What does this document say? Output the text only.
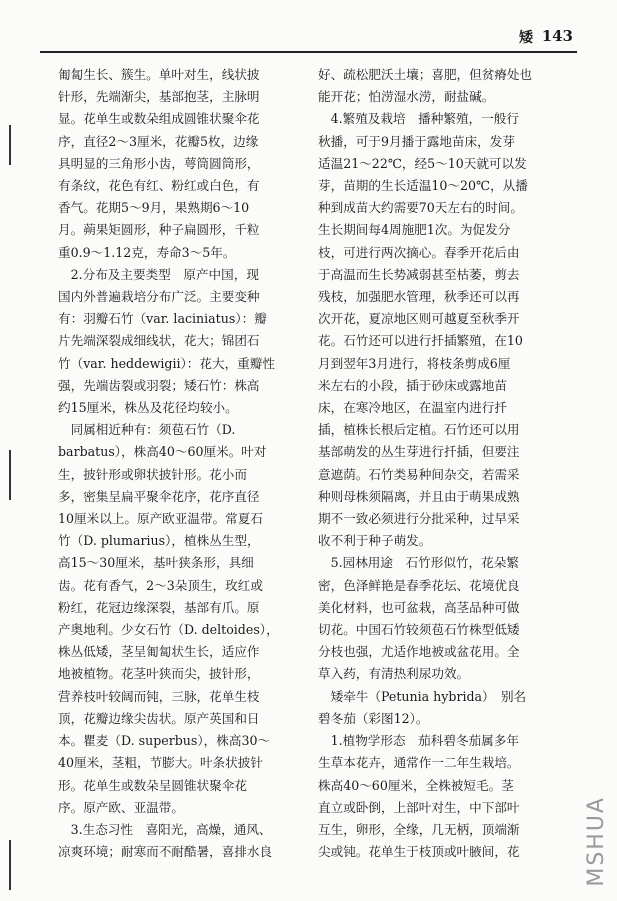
矮 143

匍匐生长、簇生。单叶对生，线状披
针形，先端渐尖，基部抱茎，主脉明
显。花单生或数朵组成圆锥状聚伞花
序，直径2～3厘米，花瓣5枚，边缘
具明显的三角形小齿，萼筒圆筒形，
有条纹，花色有红、粉红或白色，有
香气。花期5～9月，果熟期6～10
月。蒴果矩圆形，种子扁圆形，千粒
重0.9～1.12克，寿命3～5年。

　2.分布及主要类型　原产中国，现
国内外普遍栽培分布广泛。主要变种
有：羽瓣石竹（var. laciniatus）：瓣
片先端深裂成细线状，花大；锦团石
竹（var. heddewigii）：花大，重瓣性
强，先端齿裂或羽裂；矮石竹：株高
约15厘米，株丛及花径均较小。

　同属相近种有：须苞石竹（D.
barbatus），株高40～60厘米。叶对
生，披针形或卵状披针形。花小而
多，密集呈扁平聚伞花序，花序直径
10厘米以上。原产欧亚温带。常夏石
竹（D. plumarius），植株丛生型，
高15～30厘米，基叶狭条形，具细
齿。花有香气，2～3朵顶生，玫红或
粉红，花冠边缘深裂，基部有爪。原
产奥地利。少女石竹（D. deltoides），
株丛低矮，茎呈匍匐状生长，适应作
地被植物。花茎叶狭而尖，披针形，
营养枝叶较阔而钝，三脉，花单生枝
顶，花瓣边缘尖齿状。原产英国和日
本。瞿麦（D. superbus），株高30～
40厘米，茎粗，节膨大。叶条状披针
形。花单生或数朵呈圆锥状聚伞花
序。原产欧、亚温带。

　3.生态习性　喜阳光，高燥，通风、
凉爽环境；耐寒而不耐酷暑，喜排水良

好、疏松肥沃土壤；喜肥，但贫瘠处也
能开花；怕涝湿水涝，耐盐碱。

　4.繁殖及栽培　播种繁殖，一般行
秋播，可于9月播于露地苗床，发芽
适温21～22℃，经5～10天就可以发
芽，苗期的生长适温10～20℃，从播
种到成苗大约需要70天左右的时间。
生长期间每4周施肥1次。为促发分
枝，可进行两次摘心。春季开花后由
于高温而生长势减弱甚至枯萎，剪去
残枝，加强肥水管理，秋季还可以再
次开花，夏凉地区则可越夏至秋季开
花。石竹还可以进行扦插繁殖，在10
月到翌年3月进行，将枝条剪成6厘
米左右的小段，插于砂床或露地苗
床，在寒冷地区，在温室内进行扦
插，植株长根后定植。石竹还可以用
基部萌发的丛生芽进行扦插，但要注
意遮荫。石竹类易种间杂交，若需采
种则母株须隔离，并且由于萌果成熟
期不一致必须进行分批采种，过早采
收不利于种子萌发。

　5.园林用途　石竹形似竹，花朵繁
密，色泽鲜艳是春季花坛、花境优良
美化材料，也可盆栽，高茎品种可做
切花。中国石竹较须苞石竹株型低矮
分枝也强，尤适作地被或盆花用。全
草入药，有清热利尿功效。

　矮牵牛（Petunia hybrida）　别名
碧冬茄（彩图12）。

　1.植物学形态　茄科碧冬茄属多年
生草本花卉，通常作一二年生栽培。
株高40～60厘米，全株被短毛。茎
直立或卧倒，上部叶对生，中下部叶
互生，卵形，全缘，几无柄，顶端渐
尖或钝。花单生于枝顶或叶腋间，花	MSHUA
